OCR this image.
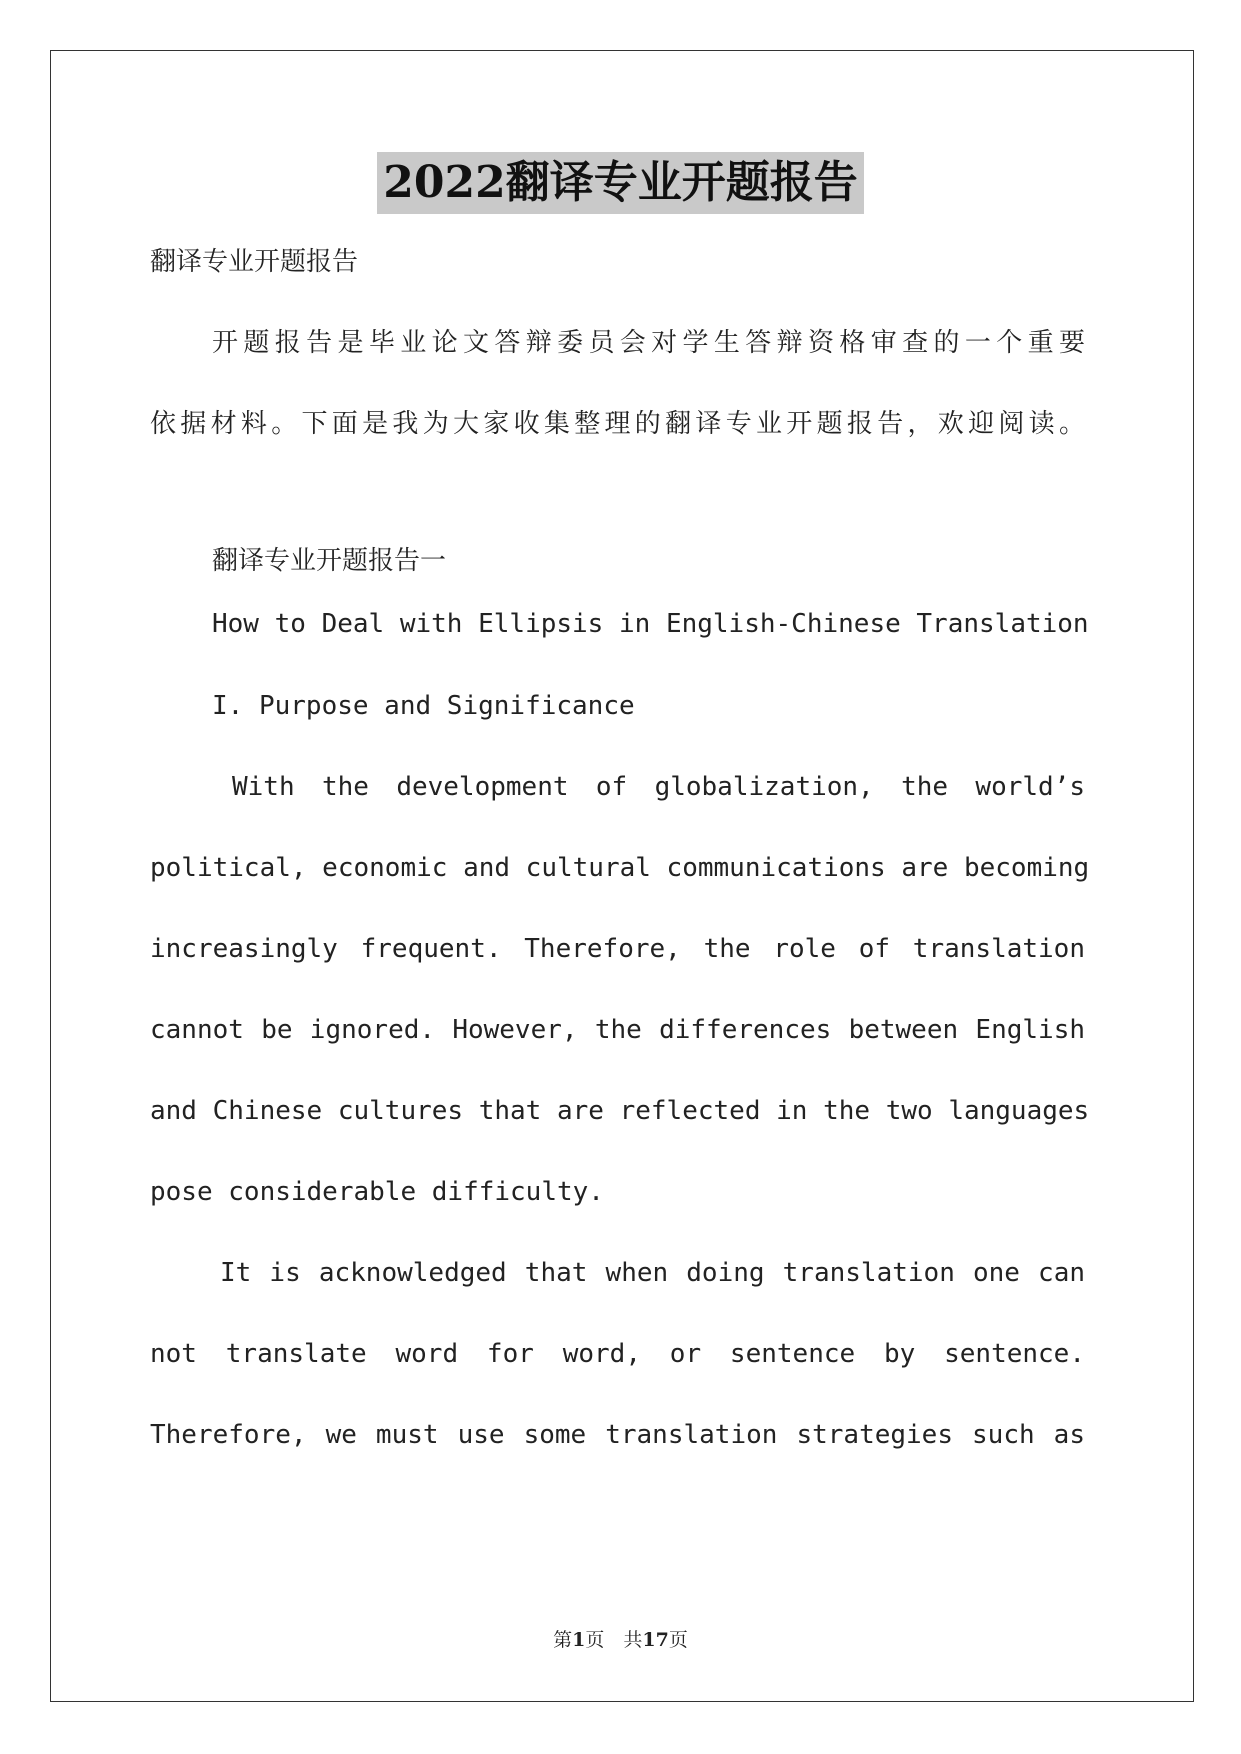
2022翻译专业开题报告
翻译专业开题报告
开题报告是毕业论文答辩委员会对学生答辩资格审查的一个重要
依据材料。下面是我为大家收集整理的翻译专业开题报告，欢迎阅读。
翻译专业开题报告一
How to Deal with Ellipsis in English-Chinese Translation
I. Purpose and Significance
With the development of globalization, the world’s
political, economic and cultural communications are becoming
increasingly frequent. Therefore, the role of translation
cannot be ignored. However, the differences between English
and Chinese cultures that are reflected in the two languages
pose considerable difficulty.
It is acknowledged that when doing translation one can
not translate word for word, or sentence by sentence.
Therefore, we must use some translation strategies such as
第1页　共17页
